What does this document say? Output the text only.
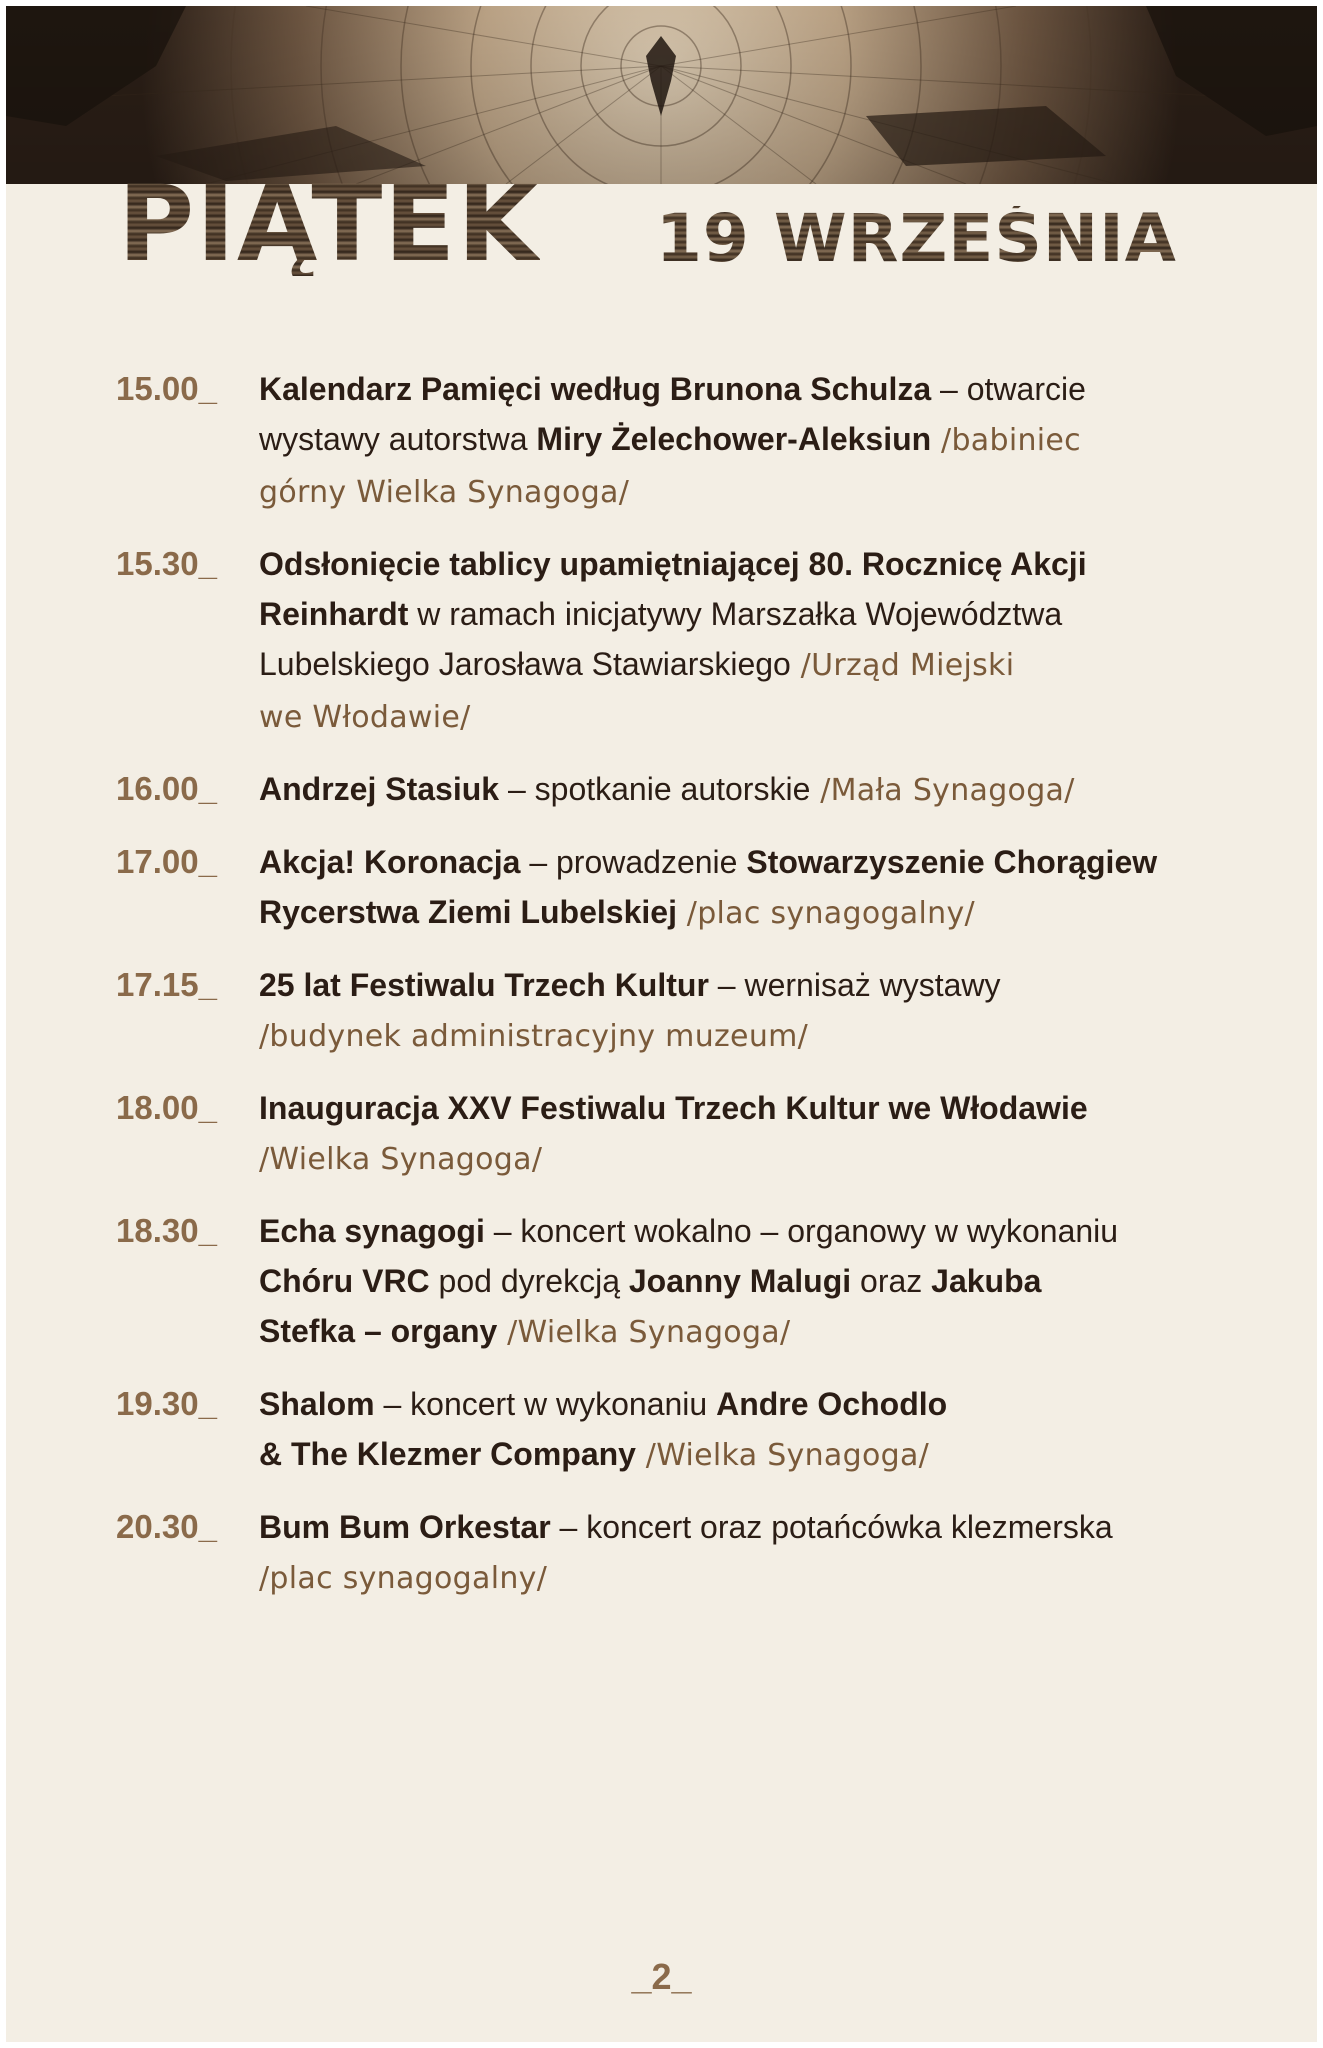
PIĄTEK 19 WRZEŚNIA
15.00_	Kalendarz Pamięci według Brunona Schulza – otwarcie
wystawy autorstwa Miry Żelechower-Aleksiun /babiniec
górny Wielka Synagoga/
15.30_	Odsłonięcie tablicy upamiętniającej 80. Rocznicę Akcji
Reinhardt w ramach inicjatywy Marszałka Województwa
Lubelskiego Jarosława Stawiarskiego /Urząd Miejski
we Włodawie/
16.00_	Andrzej Stasiuk – spotkanie autorskie /Mała Synagoga/
17.00_	Akcja! Koronacja – prowadzenie Stowarzyszenie Chorągiew
Rycerstwa Ziemi Lubelskiej /plac synagogalny/
17.15_	25 lat Festiwalu Trzech Kultur – wernisaż wystawy
/budynek administracyjny muzeum/
18.00_	Inauguracja XXV Festiwalu Trzech Kultur we Włodawie
/Wielka Synagoga/
18.30_	Echa synagogi – koncert wokalno – organowy w wykonaniu
Chóru VRC pod dyrekcją Joanny Malugi oraz Jakuba
Stefka – organy /Wielka Synagoga/
19.30_	Shalom – koncert w wykonaniu Andre Ochodlo
& The Klezmer Company /Wielka Synagoga/
20.30_	Bum Bum Orkestar – koncert oraz potańcówka klezmerska
/plac synagogalny/
_2_
